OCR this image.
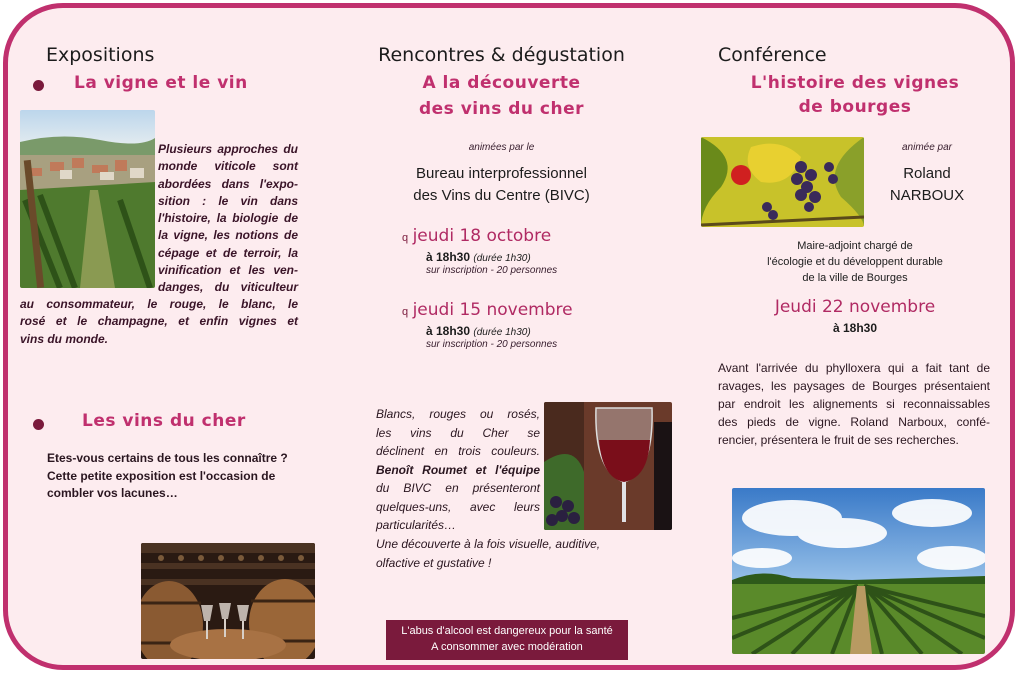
Expositions
La vigne et le vin

Plusieurs approches du

monde viticole sont

abordées dans l'expo-

sition : le vin dans

l'histoire, la biologie de

la vigne, les notions de

cépage et de terroir, la

vinification et les ven-

danges, du viticulteur

au consommateur, le rouge, le blanc, le

rosé et le champagne, et enfin vignes et

vins du monde.

Les vins du cher

Etes-vous certains de tous les connaître ?

Cette petite exposition est l'occasion de

combler vos lacunes…

Rencontres & dégustation
A la découverte
des vins du cher
animées par le

Bureau interprofessionnel

des Vins du Centre (BIVC)

q jeudi 18 octobre
à 18h30 (durée 1h30)
sur inscription - 20 personnes
q jeudi 15 novembre
à 18h30 (durée 1h30)
sur inscription - 20 personnes

Blancs, rouges ou rosés,

les vins du Cher se

déclinent en trois couleurs.

Benoît Roumet et l'équipe

du BIVC en présenteront

quelques-uns, avec leurs

particularités…

Une découverte à la fois visuelle, auditive,

olfactive et gustative !

L'abus d'alcool est dangereux pour la santé

A consommer avec modération

Conférence
L'histoire des vignes
de bourges
animée par

Roland

NARBOUX

Maire-adjoint chargé de

l'écologie et du développent durable

de la ville de Bourges

Jeudi 22 novembre
à 18h30

Avant l'arrivée du phylloxera qui a fait tant de

ravages, les paysages de Bourges présentaient

par endroit les alignements si reconnaissables

des pieds de vigne. Roland Narboux, confé-

rencier, présentera le fruit de ses recherches.
